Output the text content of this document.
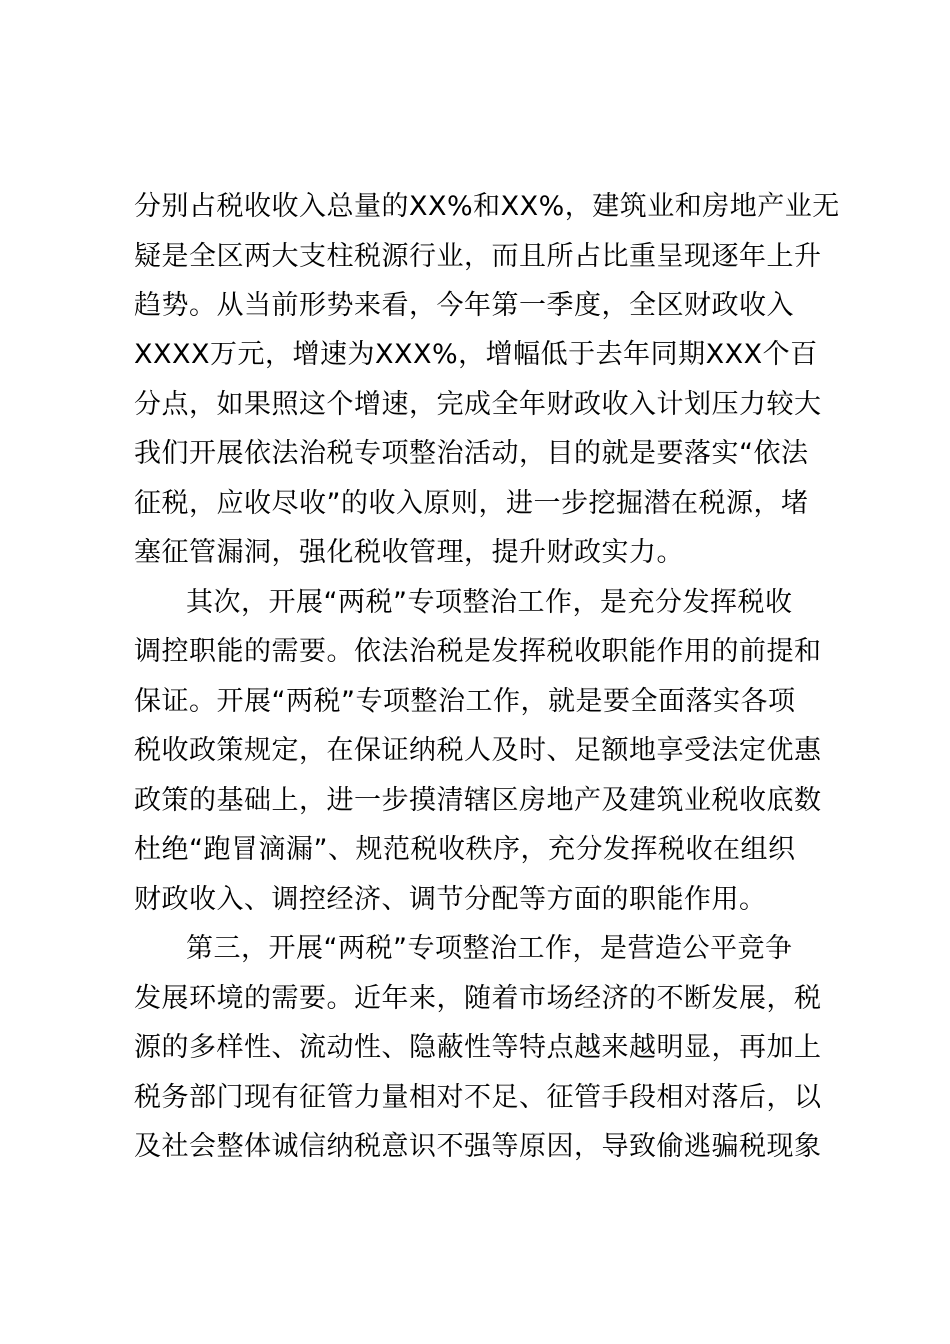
分别占税收收入总量的XX%和XX%，建筑业和房地产业无
疑是全区两大支柱税源行业，而且所占比重呈现逐年上升
趋势。从当前形势来看，今年第一季度，全区财政收入
XXXX万元，增速为XXX%，增幅低于去年同期XXX个百
分点，如果照这个增速，完成全年财政收入计划压力较大
我们开展依法治税专项整治活动，目的就是要落实“依法
征税，应收尽收”的收入原则，进一步挖掘潜在税源，堵
塞征管漏洞，强化税收管理，提升财政实力。
其次，开展“两税”专项整治工作，是充分发挥税收
调控职能的需要。依法治税是发挥税收职能作用的前提和
保证。开展“两税”专项整治工作，就是要全面落实各项
税收政策规定，在保证纳税人及时、足额地享受法定优惠
政策的基础上，进一步摸清辖区房地产及建筑业税收底数
杜绝“跑冒滴漏”、规范税收秩序，充分发挥税收在组织
财政收入、调控经济、调节分配等方面的职能作用。
第三，开展“两税”专项整治工作，是营造公平竞争
发展环境的需要。近年来，随着市场经济的不断发展，税
源的多样性、流动性、隐蔽性等特点越来越明显，再加上
税务部门现有征管力量相对不足、征管手段相对落后，以
及社会整体诚信纳税意识不强等原因，导致偷逃骗税现象
